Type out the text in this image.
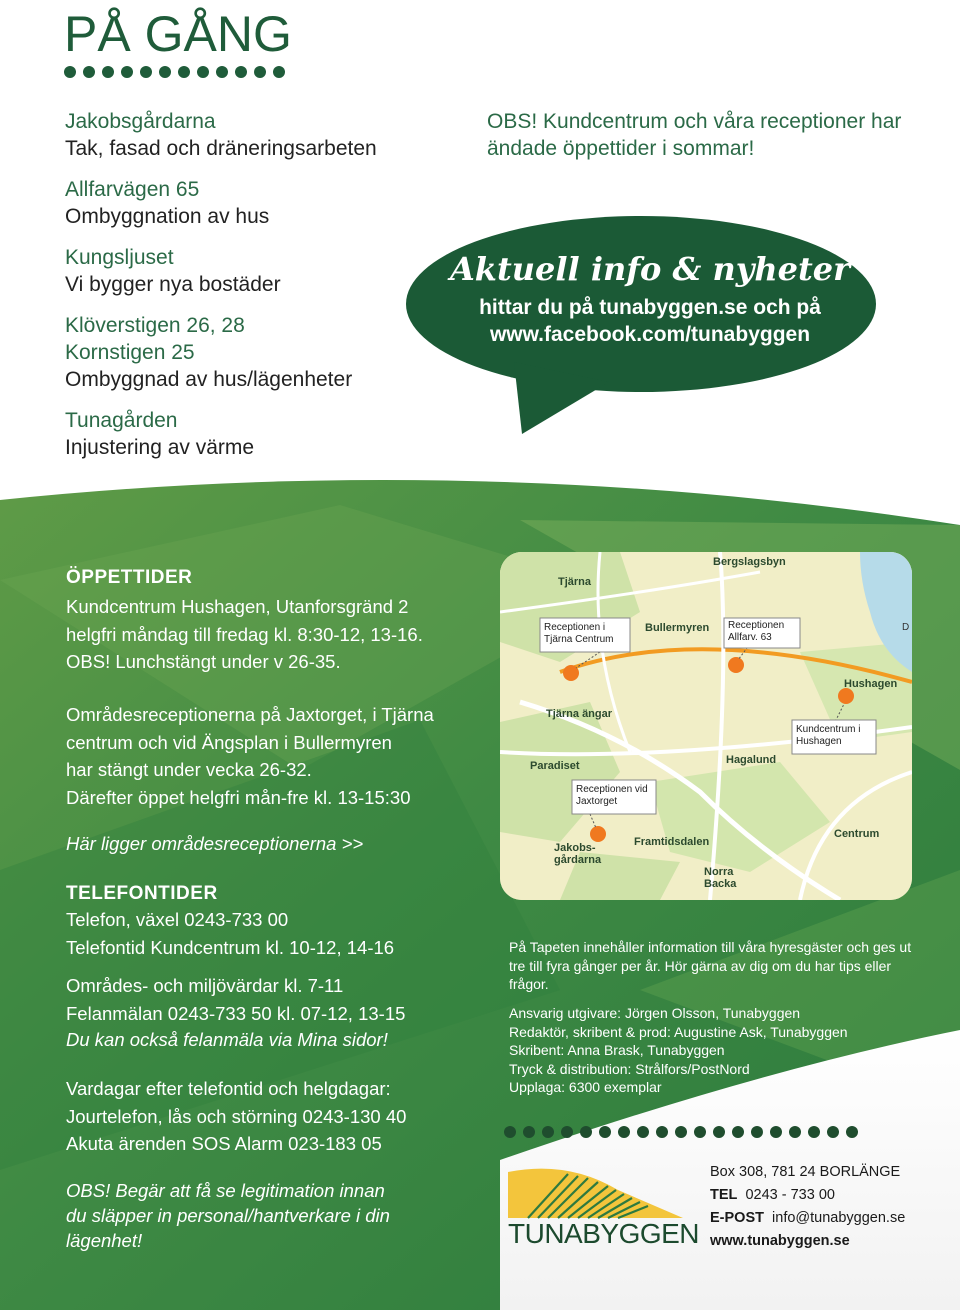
PÅ GÅNG
Jakobsgårdarna
Tak, fasad och dräneringsarbeten
Allfarvägen 65
Ombyggnation av hus
Kungsljuset
Vi bygger nya bostäder
Klöverstigen 26, 28
Kornstigen 25
Ombyggnad av hus/lägenheter
Tunagården
Injustering av värme
OBS! Kundcentrum och våra receptioner har ändade öppettider i sommar!
Aktuell info & nyheter
hittar du på tunabyggen.se och på
www.facebook.com/tunabyggen
ÖPPETTIDER
Kundcentrum Hushagen, Utanforsgränd 2
helgfri måndag till fredag kl. 8:30-12, 13-16.
OBS! Lunchstängt under v 26-35.
Områdesreceptionerna på Jaxtorget, i Tjärna
centrum och vid Ängsplan i Bullermyren
har stängt under vecka 26-32.
Därefter öppet helgfri mån-fre kl. 13-15:30
Här ligger områdesreceptionerna >>
TELEFONTIDER
Telefon, växel 0243-733 00
Telefontid Kundcentrum kl. 10-12, 14-16
Områdes- och miljövärdar kl. 7-11
Felanmälan 0243-733 50 kl. 07-12, 13-15
Du kan också felanmäla via Mina sidor!
Vardagar efter telefontid och helgdagar:
Jourtelefon, lås och störning 0243-130 40
Akuta ärenden SOS Alarm 023-183 05
OBS! Begär att få se legitimation innan
du släpper in personal/hantverkare i din
lägenhet!
Bergslagsbyn
Tjärna
Receptionen i Tjärna Centrum
Bullermyren Receptionen Allfarv. 63
Hushagen
Tjärna ängar
Kundcentrum i Hushagen
Paradiset	Hagalund
Receptionen vid Jaxtorget
Jakobs- gårdarna
Framtidsdalen
Centrum
Norra Backa
D
På Tapeten innehåller information till våra hyresgäster och ges ut tre till fyra gånger per år. Hör gärna av dig om du har tips eller frågor.
Ansvarig utgivare: Jörgen Olsson, Tunabyggen
Redaktör, skribent & prod: Augustine Ask, Tunabyggen
Skribent: Anna Brask, Tunabyggen
Tryck & distribution: Strålfors/PostNord
Upplaga: 6300 exemplar
TUNABYGGEN
Box 308, 781 24 BORLÄNGE
TEL 0243 - 733 00
E-POST info@tunabyggen.se
www.tunabyggen.se
